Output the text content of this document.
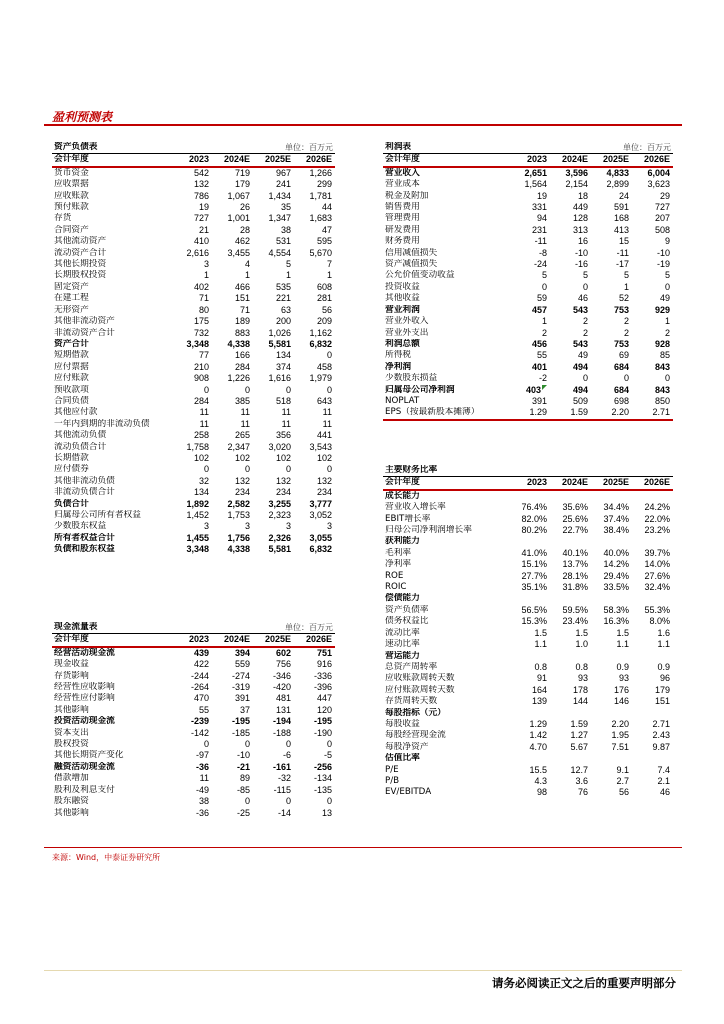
盈利预测表
资产负债表			单位：百万元	
会计年度	2023	2024E	2025E	2026E
货币资金	542	719	967	1,266
应收票据	132	179	241	299
应收账款	786	1,067	1,434	1,781
预付账款	19	26	35	44
存货	727	1,001	1,347	1,683
合同资产	21	28	38	47
其他流动资产	410	462	531	595
流动资产合计	2,616	3,455	4,554	5,670
其他长期投资	3	4	5	7
长期股权投资	1	1	1	1
固定资产	402	466	535	608
在建工程	71	151	221	281
无形资产	80	71	63	56
其他非流动资产	175	189	200	209
非流动资产合计	732	883	1,026	1,162
资产合计	3,348	4,338	5,581	6,832
短期借款	77	166	134	0
应付票据	210	284	374	458
应付账款	908	1,226	1,616	1,979
预收款项	0	0	0	0
合同负债	284	385	518	643
其他应付款	11	11	11	11
一年内到期的非流动负债	11	11	11	11
其他流动负债	258	265	356	441
流动负债合计	1,758	2,347	3,020	3,543
长期借款	102	102	102	102
应付债券	0	0	0	0
其他非流动负债	32	132	132	132
非流动负债合计	134	234	234	234
负债合计	1,892	2,582	3,255	3,777
归属母公司所有者权益	1,452	1,753	2,323	3,052
少数股东权益	3	3	3	3
所有者权益合计	1,455	1,756	2,326	3,055
负债和股东权益	3,348	4,338	5,581	6,832
利润表			单位：百万元	
会计年度	2023	2024E	2025E	2026E
营业收入	2,651	3,596	4,833	6,004
营业成本	1,564	2,154	2,899	3,623
税金及附加	19	18	24	29
销售费用	331	449	591	727
管理费用	94	128	168	207
研发费用	231	313	413	508
财务费用	-11	16	15	9
信用减值损失	-8	-10	-11	-10
资产减值损失	-24	-16	-17	-19
公允价值变动收益	5	5	5	5
投资收益	0	0	1	0
其他收益	59	46	52	49
营业利润	457	543	753	929
营业外收入	1	2	2	1
营业外支出	2	2	2	2
利润总额	456	543	753	928
所得税	55	49	69	85
净利润	401	494	684	843
少数股东损益	-2	0	0	0
归属母公司净利润	403	494	684	843
NOPLAT	391	509	698	850
EPS（按最新股本摊薄）	1.29	1.59	2.20	2.71
主要财务比率				
会计年度	2023	2024E	2025E	2026E
成长能力				
营业收入增长率	76.4%	35.6%	34.4%	24.2%
EBIT增长率	82.0%	25.6%	37.4%	22.0%
归母公司净利润增长率	80.2%	22.7%	38.4%	23.2%
获利能力				
毛利率	41.0%	40.1%	40.0%	39.7%
净利率	15.1%	13.7%	14.2%	14.0%
ROE	27.7%	28.1%	29.4%	27.6%
ROIC	35.1%	31.8%	33.5%	32.4%
偿债能力				
资产负债率	56.5%	59.5%	58.3%	55.3%
债务权益比	15.3%	23.4%	16.3%	8.0%
流动比率	1.5	1.5	1.5	1.6
速动比率	1.1	1.0	1.1	1.1
营运能力				
总资产周转率	0.8	0.8	0.9	0.9
应收账款周转天数	91	93	93	96
应付账款周转天数	164	178	176	179
存货周转天数	139	144	146	151
每股指标（元）				
每股收益	1.29	1.59	2.20	2.71
每股经营现金流	1.42	1.27	1.95	2.43
每股净资产	4.70	5.67	7.51	9.87
估值比率				
P/E	15.5	12.7	9.1	7.4
P/B	4.3	3.6	2.7	2.1
EV/EBITDA	98	76	56	46
现金流量表			单位：百万元	
会计年度	2023	2024E	2025E	2026E
经营活动现金流	439	394	602	751
现金收益	422	559	756	916
存货影响	-244	-274	-346	-336
经营性应收影响	-264	-319	-420	-396
经营性应付影响	470	391	481	447
其他影响	55	37	131	120
投资活动现金流	-239	-195	-194	-195
资本支出	-142	-185	-188	-190
股权投资	0	0	0	0
其他长期资产变化	-97	-10	-6	-5
融资活动现金流	-36	-21	-161	-256
借款增加	11	89	-32	-134
股利及利息支付	-49	-85	-115	-135
股东融资	38	0	0	0
其他影响	-36	-25	-14	13
来源：Wind，中泰证券研究所
请务必阅读正文之后的重要声明部分
